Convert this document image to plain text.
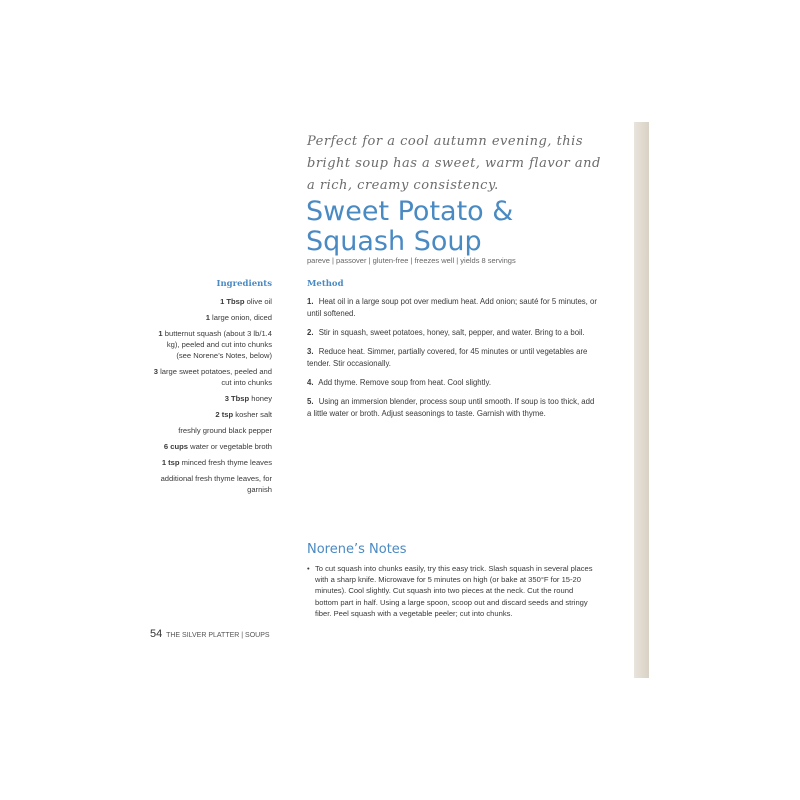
Perfect for a cool autumn evening, this bright soup has a sweet, warm flavor and a rich, creamy consistency.

Sweet Potato &
Squash Soup
pareve | passover | gluten-free | freezes well | yields 8 servings
Ingredients	Method
1 Tbsp olive oil
1 large onion, diced
1 butternut squash (about 3 lb/1.4 kg), peeled and cut into chunks (see Norene’s Notes, below)
3 large sweet potatoes, peeled and cut into chunks
3 Tbsp honey
2 tsp kosher salt
freshly ground black pepper
6 cups water or vegetable broth
1 tsp minced fresh thyme leaves
additional fresh thyme leaves, for garnish
1. Heat oil in a large soup pot over medium heat. Add onion; sauté for 5 minutes, or until softened.
2. Stir in squash, sweet potatoes, honey, salt, pepper, and water. Bring to a boil.
3. Reduce heat. Simmer, partially covered, for 45 minutes or until vegetables are tender. Stir occasionally.
4. Add thyme. Remove soup from heat. Cool slightly.
5. Using an immersion blender, process soup until smooth. If soup is too thick, add a little water or broth. Adjust seasonings to taste. Garnish with thyme.
Norene’s Notes
• To cut squash into chunks easily, try this easy trick. Slash squash in several places with a sharp knife. Microwave for 5 minutes on high (or bake at 350°F for 15-20 minutes). Cool slightly. Cut squash into two pieces at the neck. Cut the round bottom part in half. Using a large spoon, scoop out and discard seeds and stringy fiber. Peel squash with a vegetable peeler; cut into chunks.
54 THE SILVER PLATTER | SOUPS
